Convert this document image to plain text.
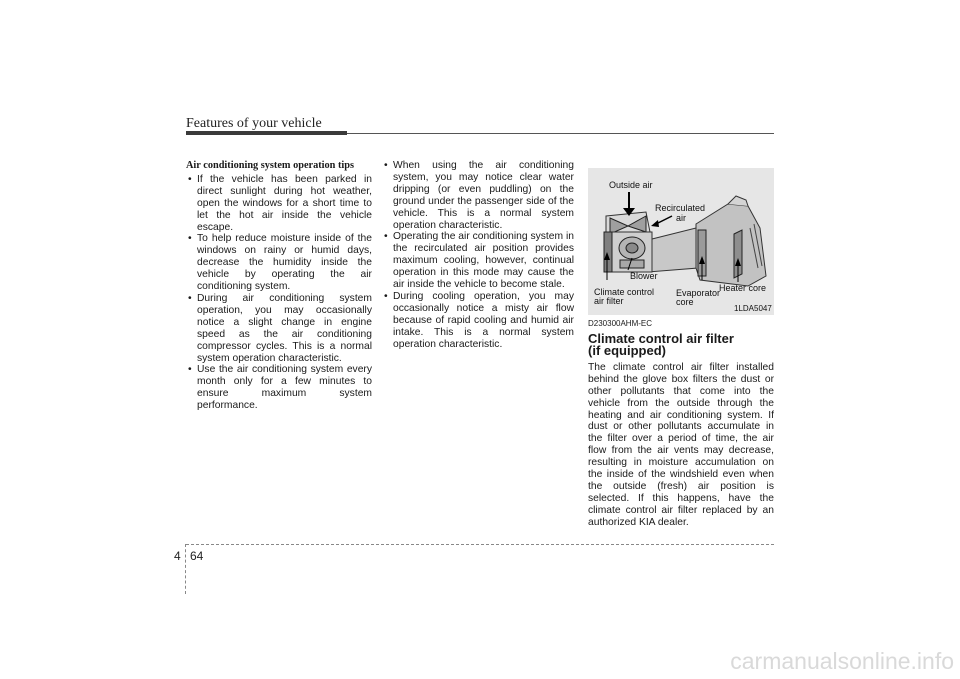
Features of your vehicle

Air conditioning system operation tips

• If the vehicle has been parked in direct sunlight during hot weather, open the windows for a short time to let the hot air inside the vehicle escape.
• To help reduce moisture inside of the windows on rainy or humid days, decrease the humidity inside the vehicle by operating the air conditioning system.
• During air conditioning system operation, you may occasionally notice a slight change in engine speed as the air conditioning compressor cycles. This is a normal system operation characteristic.
• Use the air conditioning system every month only for a few minutes to ensure maximum system performance.
• When using the air conditioning system, you may notice clear water dripping (or even puddling) on the ground under the passenger side of the vehicle. This is a normal system operation characteristic.
• Operating the air conditioning system in the recirculated air position provides maximum cooling, however, continual operation in this mode may cause the air inside the vehicle to become stale.
• During cooling operation, you may occasionally notice a misty air flow because of rapid cooling and humid air intake. This is a normal system operation characteristic.
Outside air
Recirculated
air
Blower
Climate control
air filter
Evaporator
core
Heater core
1LDA5047

D230300AHM-EC

Climate control air filter
(if equipped)

The climate control air filter installed behind the glove box filters the dust or other pollutants that come into the vehicle from the outside through the heating and air conditioning system. If dust or other pollutants accumulate in the filter over a period of time, the air flow from the air vents may decrease, resulting in moisture accumulation on the inside of the windshield even when the outside (fresh) air position is selected. If this happens, have the climate control air filter replaced by an authorized KIA dealer.

4 64
carmanualsonline.info
